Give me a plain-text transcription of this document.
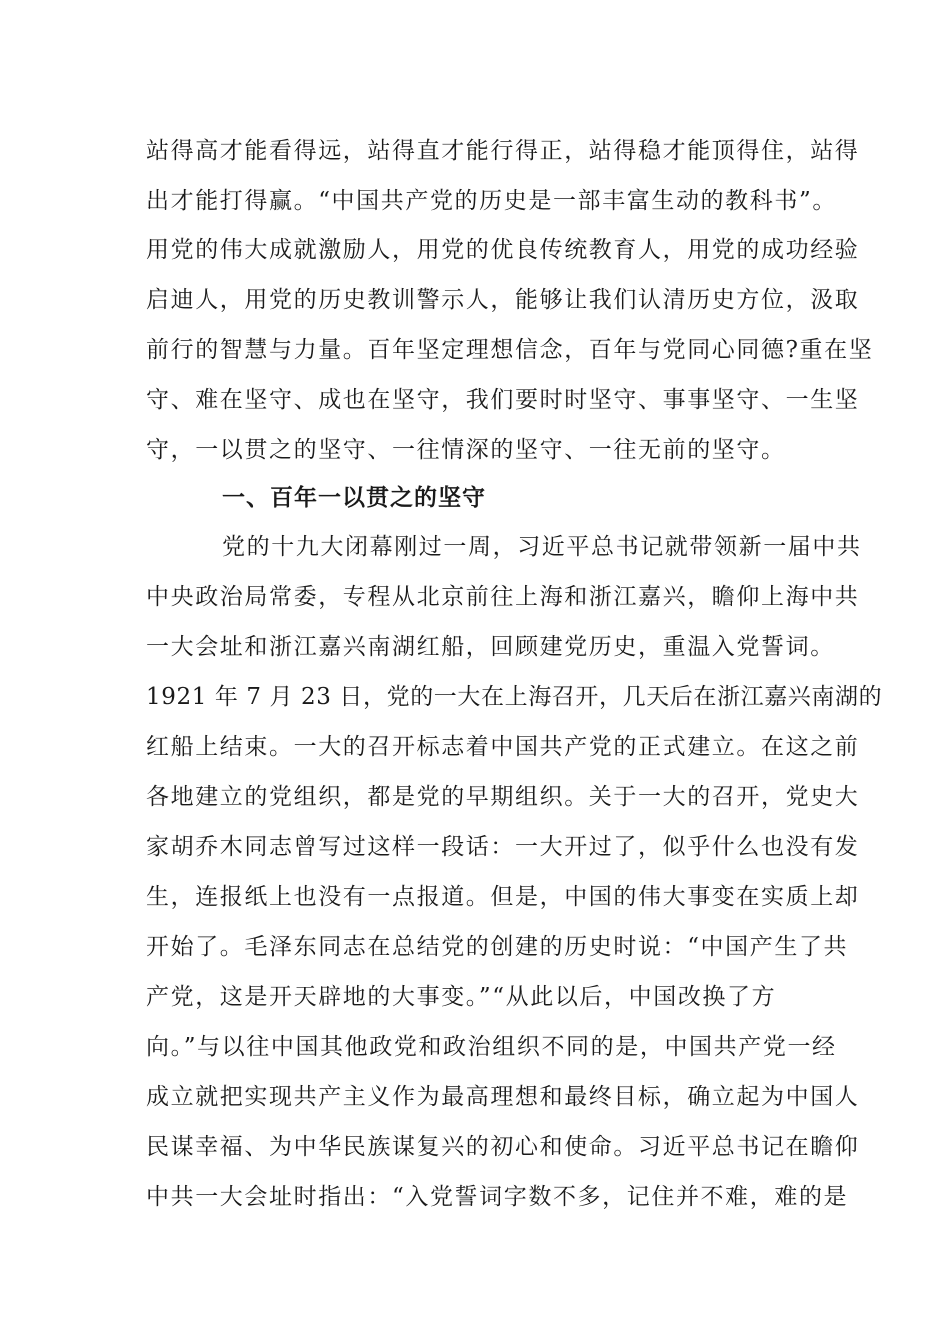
站得高才能看得远，站得直才能行得正，站得稳才能顶得住，站得
出才能打得赢。“中国共产党的历史是一部丰富生动的教科书”。
用党的伟大成就激励人，用党的优良传统教育人，用党的成功经验
启迪人，用党的历史教训警示人，能够让我们认清历史方位，汲取
前行的智慧与力量。百年坚定理想信念，百年与党同心同德?重在坚
守、难在坚守、成也在坚守，我们要时时坚守、事事坚守、一生坚
守，一以贯之的坚守、一往情深的坚守、一往无前的坚守。
一、百年一以贯之的坚守
党的十九大闭幕刚过一周，习近平总书记就带领新一届中共
中央政治局常委，专程从北京前往上海和浙江嘉兴，瞻仰上海中共
一大会址和浙江嘉兴南湖红船，回顾建党历史，重温入党誓词。
1921 年 7 月 23 日，党的一大在上海召开，几天后在浙江嘉兴南湖的
红船上结束。一大的召开标志着中国共产党的正式建立。在这之前
各地建立的党组织，都是党的早期组织。关于一大的召开，党史大
家胡乔木同志曾写过这样一段话：一大开过了，似乎什么也没有发
生，连报纸上也没有一点报道。但是，中国的伟大事变在实质上却
开始了。毛泽东同志在总结党的创建的历史时说：“中国产生了共
产党，这是开天辟地的大事变。”“从此以后，中国改换了方
向。”与以往中国其他政党和政治组织不同的是，中国共产党一经
成立就把实现共产主义作为最高理想和最终目标，确立起为中国人
民谋幸福、为中华民族谋复兴的初心和使命。习近平总书记在瞻仰
中共一大会址时指出：“入党誓词字数不多，记住并不难，难的是
